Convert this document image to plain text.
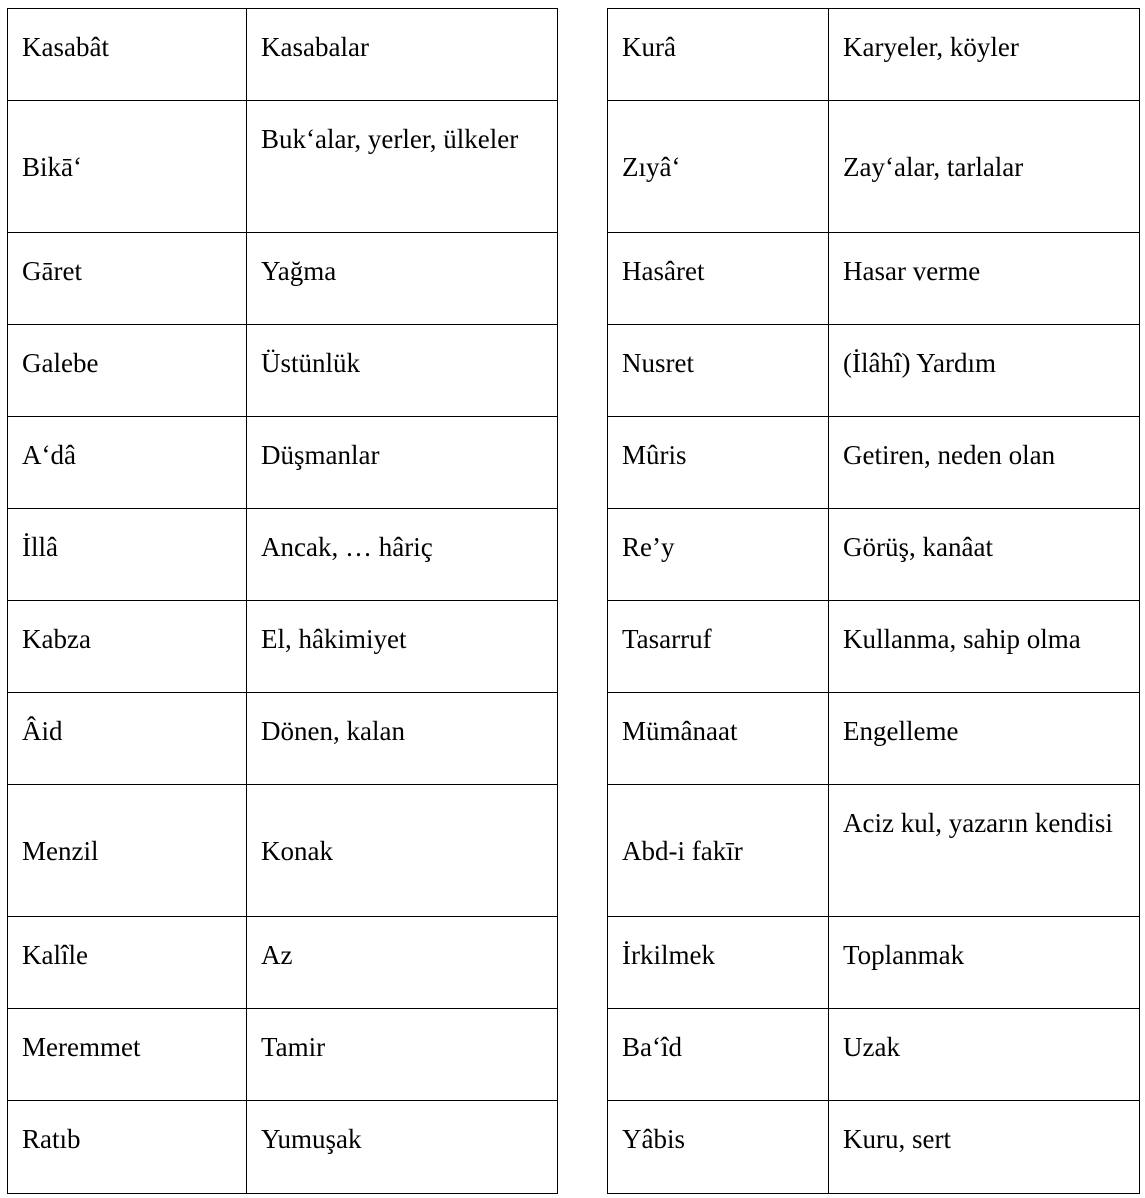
Kasabât	Kasabalar
Bikā‘	Buk‘alar, yerler, ülkeler
Gāret	Yağma
Galebe	Üstünlük
A‘dâ	Düşmanlar
İllâ	Ancak, … hâriç
Kabza	El, hâkimiyet
Âid	Dönen, kalan
Menzil	Konak
Kalîle	Az
Meremmet	Tamir
Ratıb	Yumuşak
Kurâ	Karyeler, köyler
Zıyâ‘	Zay‘alar, tarlalar
Hasâret	Hasar verme
Nusret	(İlâhî) Yardım
Mûris	Getiren, neden olan
Re’y	Görüş, kanâat
Tasarruf	Kullanma, sahip olma
Mümânaat	Engelleme
Abd-i fakīr	Aciz kul, yazarın kendisi
İrkilmek	Toplanmak
Ba‘îd	Uzak
Yâbis	Kuru, sert
